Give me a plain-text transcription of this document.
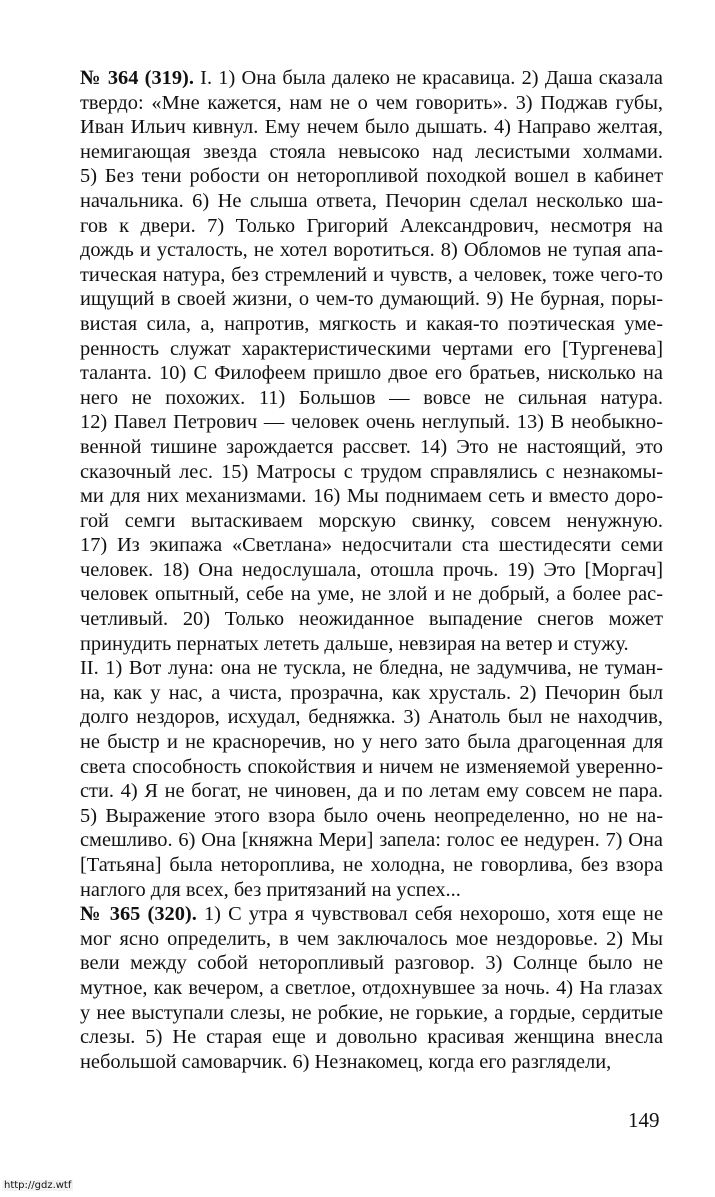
№ 364 (319). I. 1) Она была далеко не красавица. 2) Даша сказала
твердо: «Мне кажется, нам не о чем говорить». 3) Поджав губы,
Иван Ильич кивнул. Ему нечем было дышать. 4) Направо желтая,
немигающая звезда стояла невысоко над лесистыми холмами.
5) Без тени робости он неторопливой походкой вошел в кабинет
начальника. 6) Не слыша ответа, Печорин сделал несколько ша-
гов к двери. 7) Только Григорий Александрович, несмотря на
дождь и усталость, не хотел воротиться. 8) Обломов не тупая апа-
тическая натура, без стремлений и чувств, а человек, тоже чего-то
ищущий в своей жизни, о чем-то думающий. 9) Не бурная, поры-
вистая сила, а, напротив, мягкость и какая-то поэтическая уме-
ренность служат характеристическими чертами его [Тургенева]
таланта. 10) С Филофеем пришло двое его братьев, нисколько на
него не похожих. 11) Большов — вовсе не сильная натура.
12) Павел Петрович — человек очень неглупый. 13) В необыкно-
венной тишине зарождается рассвет. 14) Это не настоящий, это
сказочный лес. 15) Матросы с трудом справлялись с незнакомы-
ми для них механизмами. 16) Мы поднимаем сеть и вместо доро-
гой семги вытаскиваем морскую свинку, совсем ненужную.
17) Из экипажа «Светлана» недосчитали ста шестидесяти семи
человек. 18) Она недослушала, отошла прочь. 19) Это [Моргач]
человек опытный, себе на уме, не злой и не добрый, а более рас-
четливый. 20) Только неожиданное выпадение снегов может
принудить пернатых лететь дальше, невзирая на ветер и стужу.
II. 1) Вот луна: она не тускла, не бледна, не задумчива, не туман-
на, как у нас, а чиста, прозрачна, как хрусталь. 2) Печорин был
долго нездоров, исхудал, бедняжка. 3) Анатоль был не находчив,
не быстр и не красноречив, но у него зато была драгоценная для
света способность спокойствия и ничем не изменяемой уверенно-
сти. 4) Я не богат, не чиновен, да и по летам ему совсем не пара.
5) Выражение этого взора было очень неопределенно, но не на-
смешливо. 6) Она [княжна Мери] запела: голос ее недурен. 7) Она
[Татьяна] была нетороплива, не холодна, не говорлива, без взора
наглого для всех, без притязаний на успех...
№ 365 (320). 1) С утра я чувствовал себя нехорошо, хотя еще не
мог ясно определить, в чем заключалось мое нездоровье. 2) Мы
вели между собой неторопливый разговор. 3) Солнце было не
мутное, как вечером, а светлое, отдохнувшее за ночь. 4) На глазах
у нее выступали слезы, не робкие, не горькие, а гордые, сердитые
слезы. 5) Не старая еще и довольно красивая женщина внесла
небольшой самоварчик. 6) Незнакомец, когда его разглядели,
149
http://gdz.wtf
